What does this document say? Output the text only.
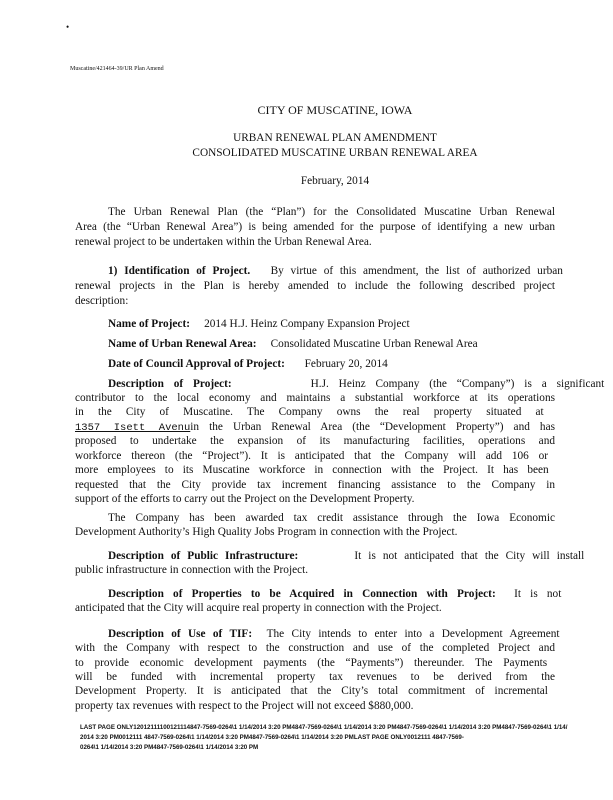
•
Muscatine/421464-39/UR Plan Amend
CITY OF MUSCATINE, IOWA
URBAN RENEWAL PLAN AMENDMENT
CONSOLIDATED MUSCATINE URBAN RENEWAL AREA
February, 2014
The Urban Renewal Plan (the “Plan”) for the Consolidated Muscatine Urban Renewal
Area (the “Urban Renewal Area”) is being amended for the purpose of identifying a new urban
renewal project to be undertaken within the Urban Renewal Area.
1) Identification of Project. By virtue of this amendment, the list of authorized urban
renewal projects in the Plan is hereby amended to include the following described project
description:
Name of Project: 2014 H.J. Heinz Company Expansion Project
Name of Urban Renewal Area: Consolidated Muscatine Urban Renewal Area
Date of Council Approval of Project: February 20, 2014
Description of Project:	H.J. Heinz Company (the “Company”) is a significant
contributor to the local economy and maintains a substantial workforce at its operations
in the City of Muscatine. The Company owns the real property situated at
1357 Isett Avenuin the Urban Renewal Area (the “Development Property”) and has
proposed to undertake the expansion of its manufacturing facilities, operations and
workforce thereon (the “Project”). It is anticipated that the Company will add 106 or
more employees to its Muscatine workforce in connection with the Project. It has been
requested that the City provide tax increment financing assistance to the Company in
support of the efforts to carry out the Project on the Development Property.
The Company has been awarded tax credit assistance through the Iowa Economic
Development Authority’s High Quality Jobs Program in connection with the Project.
Description of Public Infrastructure:	It is not anticipated that the City will install
public infrastructure in connection with the Project.
Description of Properties to be Acquired in Connection with Project: It is not
anticipated that the City will acquire real property in connection with the Project.
Description of Use of TIF: The City intends to enter into a Development Agreement
with the Company with respect to the construction and use of the completed Project and
to provide economic development payments (the “Payments”) thereunder. The Payments
will be funded with incremental property tax revenues to be derived from the
Development Property. It is anticipated that the City’s total commitment of incremental
property tax revenues with respect to the Project will not exceed $880,000.
LAST PAGE ONLY12012111100121114847-7569-0264\1 1/14/2014 3:20 PM4847-7569-0264\1 1/14/2014 3:20 PM4847-7569-0264\1 1/14/2014 3:20 PM4847-7569-0264\1 1/14/
2014 3:20 PM0012111 4847-7569-0264\1 1/14/2014 3:20 PM4847-7569-0264\1 1/14/2014 3:20 PMLAST PAGE ONLY0012111 4847-7569-
0264\1 1/14/2014 3:20 PM4847-7569-0264\1 1/14/2014 3:20 PM
